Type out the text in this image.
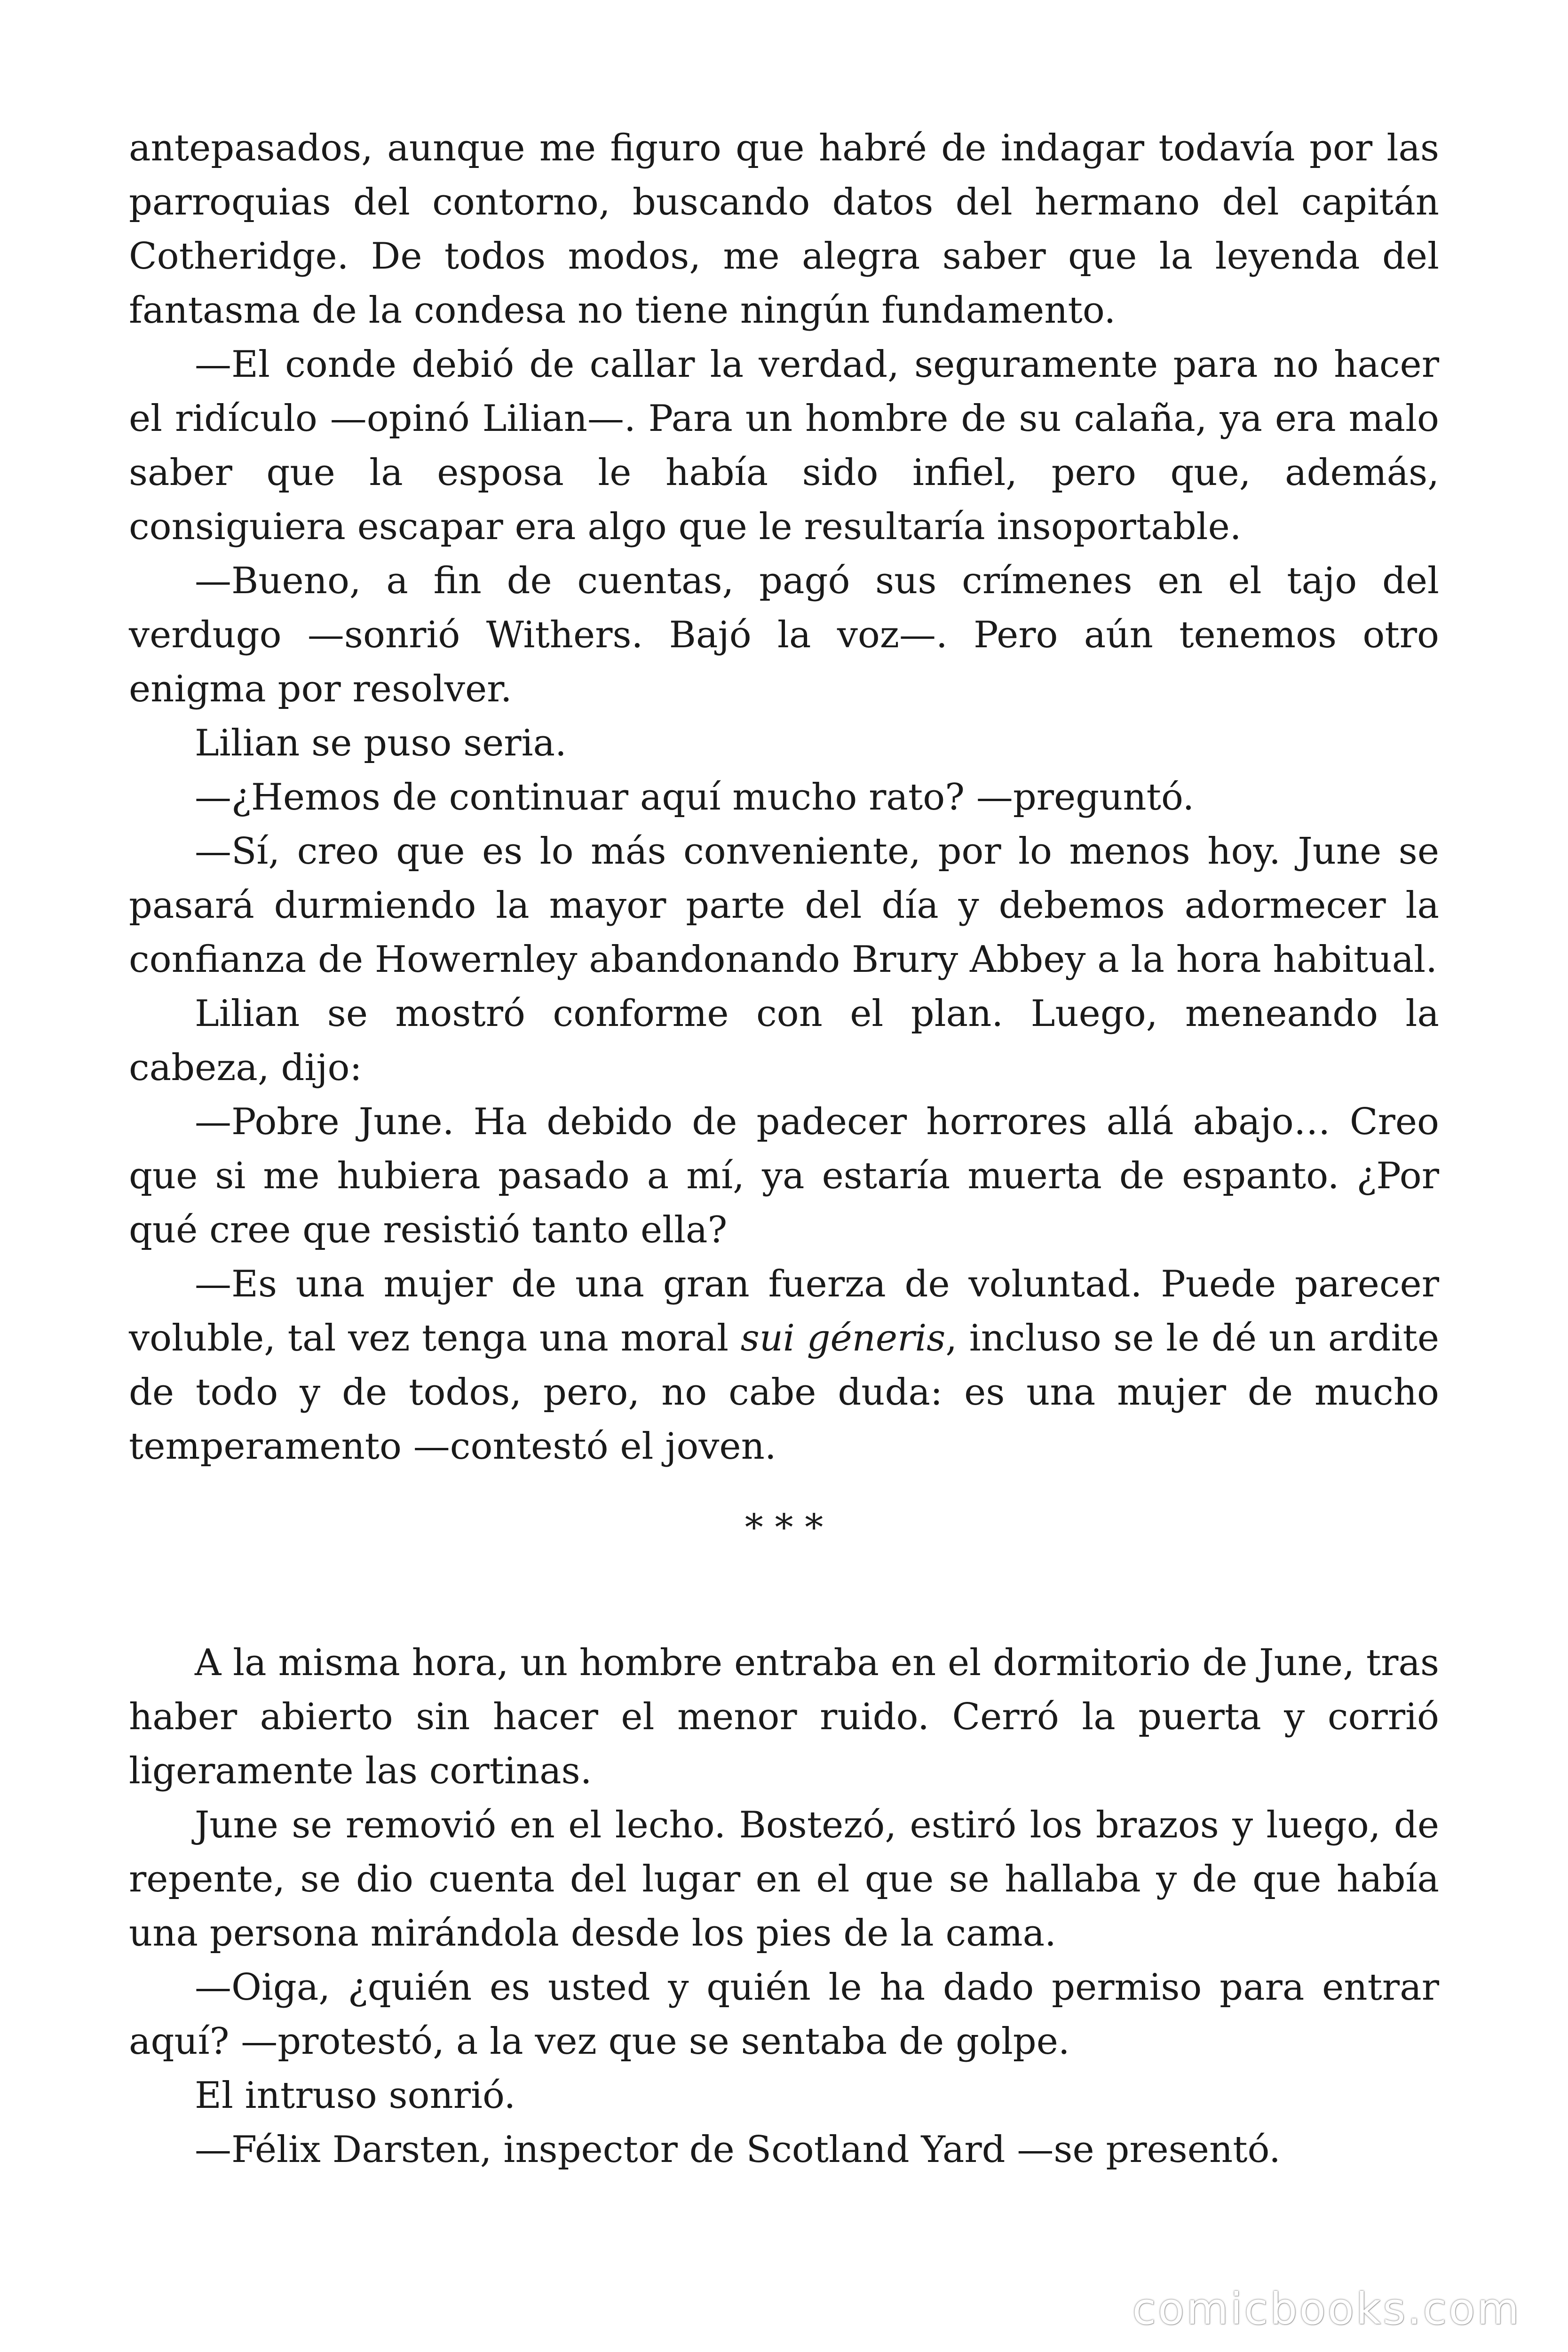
antepasados, aunque me figuro que habré de indagar todavía por las parroquias del contorno, buscando datos del hermano del capitán Cotheridge. De todos modos, me alegra saber que la leyenda del fantasma de la condesa no tiene ningún fundamento.

—El conde debió de callar la verdad, seguramente para no hacer el ridículo —opinó Lilian—. Para un hombre de su calaña, ya era malo saber que la esposa le había sido infiel, pero que, además, consiguiera escapar era algo que le resultaría insoportable.

—Bueno, a fin de cuentas, pagó sus crímenes en el tajo del verdugo —sonrió Withers. Bajó la voz—. Pero aún tenemos otro enigma por resolver.

Lilian se puso seria.

—¿Hemos de continuar aquí mucho rato? —preguntó.

—Sí, creo que es lo más conveniente, por lo menos hoy. June se pasará durmiendo la mayor parte del día y debemos adormecer la confianza de Howernley abandonando Brury Abbey a la hora habitual.

Lilian se mostró conforme con el plan. Luego, meneando la cabeza, dijo:

—Pobre June. Ha debido de padecer horrores allá abajo… Creo que si me hubiera pasado a mí, ya estaría muerta de espanto. ¿Por qué cree que resistió tanto ella?

—Es una mujer de una gran fuerza de voluntad. Puede parecer voluble, tal vez tenga una moral sui géneris, incluso se le dé un ardite de todo y de todos, pero, no cabe duda: es una mujer de mucho temperamento —contestó el joven.

* * *

A la misma hora, un hombre entraba en el dormitorio de June, tras haber abierto sin hacer el menor ruido. Cerró la puerta y corrió ligeramente las cortinas.

June se removió en el lecho. Bostezó, estiró los brazos y luego, de repente, se dio cuenta del lugar en el que se hallaba y de que había una persona mirándola desde los pies de la cama.

—Oiga, ¿quién es usted y quién le ha dado permiso para entrar aquí? —protestó, a la vez que se sentaba de golpe.

El intruso sonrió.

—Félix Darsten, inspector de Scotland Yard —se presentó.

comicbooks.com
